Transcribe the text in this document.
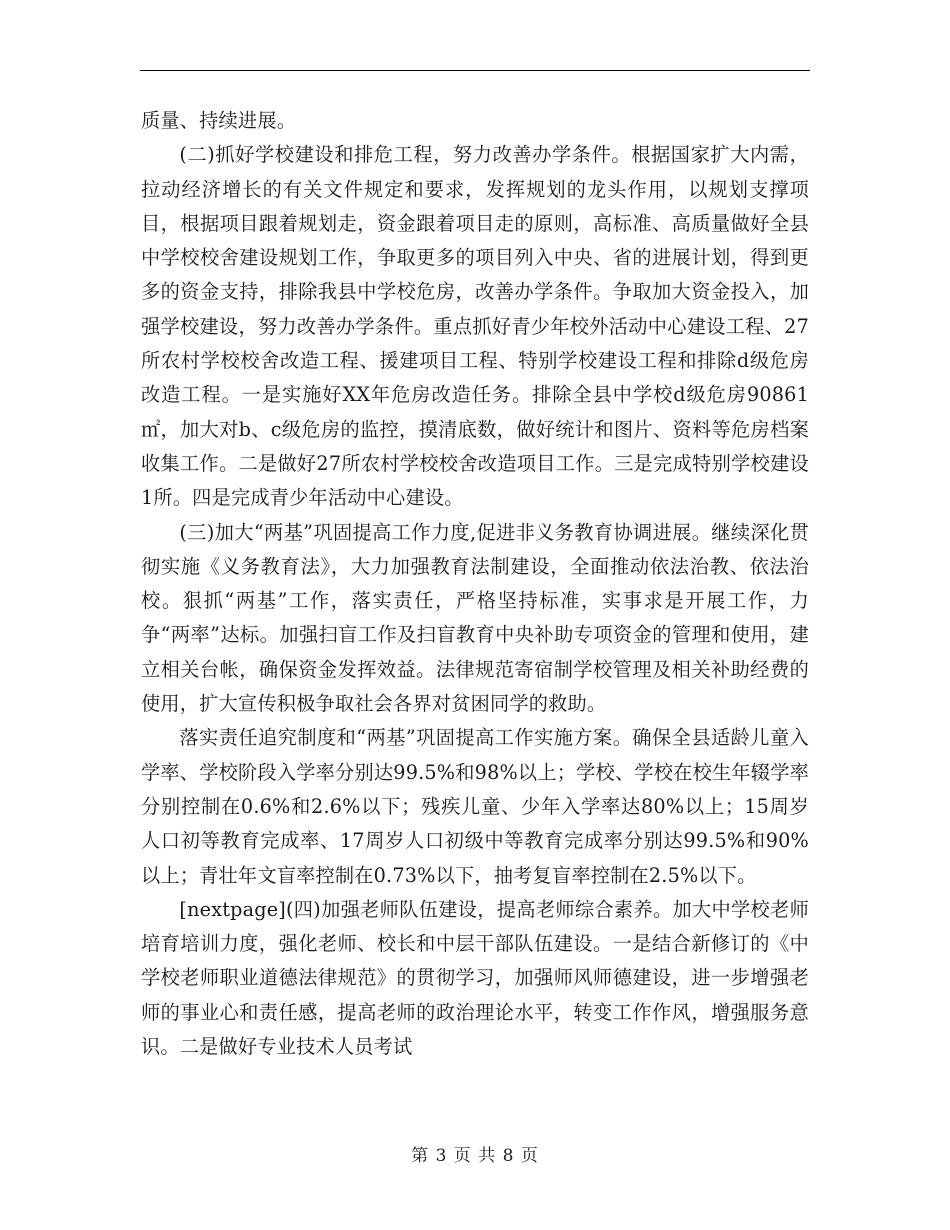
质量、持续进展。

(二)抓好学校建设和排危工程，努力改善办学条件。根据国家扩大内需，拉动经济增长的有关文件规定和要求，发挥规划的龙头作用，以规划支撑项目，根据项目跟着规划走，资金跟着项目走的原则，高标准、高质量做好全县中学校校舍建设规划工作，争取更多的项目列入中央、省的进展计划，得到更多的资金支持，排除我县中学校危房，改善办学条件。争取加大资金投入，加强学校建设，努力改善办学条件。重点抓好青少年校外活动中心建设工程、27所农村学校校舍改造工程、援建项目工程、特别学校建设工程和排除d级危房改造工程。一是实施好XX年危房改造任务。排除全县中学校d级危房90861㎡，加大对b、c级危房的监控，摸清底数，做好统计和图片、资料等危房档案收集工作。二是做好27所农村学校校舍改造项目工作。三是完成特别学校建设1所。四是完成青少年活动中心建设。

(三)加大“两基”巩固提高工作力度,促进非义务教育协调进展。继续深化贯彻实施《义务教育法》，大力加强教育法制建设，全面推动依法治教、依法治校。狠抓“两基”工作，落实责任，严格坚持标准，实事求是开展工作，力争“两率”达标。加强扫盲工作及扫盲教育中央补助专项资金的管理和使用，建立相关台帐，确保资金发挥效益。法律规范寄宿制学校管理及相关补助经费的使用，扩大宣传积极争取社会各界对贫困同学的救助。

落实责任追究制度和“两基”巩固提高工作实施方案。确保全县适龄儿童入学率、学校阶段入学率分别达99.5%和98%以上；学校、学校在校生年辍学率分别控制在0.6%和2.6%以下；残疾儿童、少年入学率达80%以上；15周岁人口初等教育完成率、17周岁人口初级中等教育完成率分别达99.5%和90%以上；青壮年文盲率控制在0.73%以下，抽考复盲率控制在2.5%以下。

[nextpage](四)加强老师队伍建设，提高老师综合素养。加大中学校老师培育培训力度，强化老师、校长和中层干部队伍建设。一是结合新修订的《中学校老师职业道德法律规范》的贯彻学习，加强师风师德建设，进一步增强老师的事业心和责任感，提高老师的政治理论水平，转变工作作风，增强服务意识。二是做好专业技术人员考试

第 3 页 共 8 页
